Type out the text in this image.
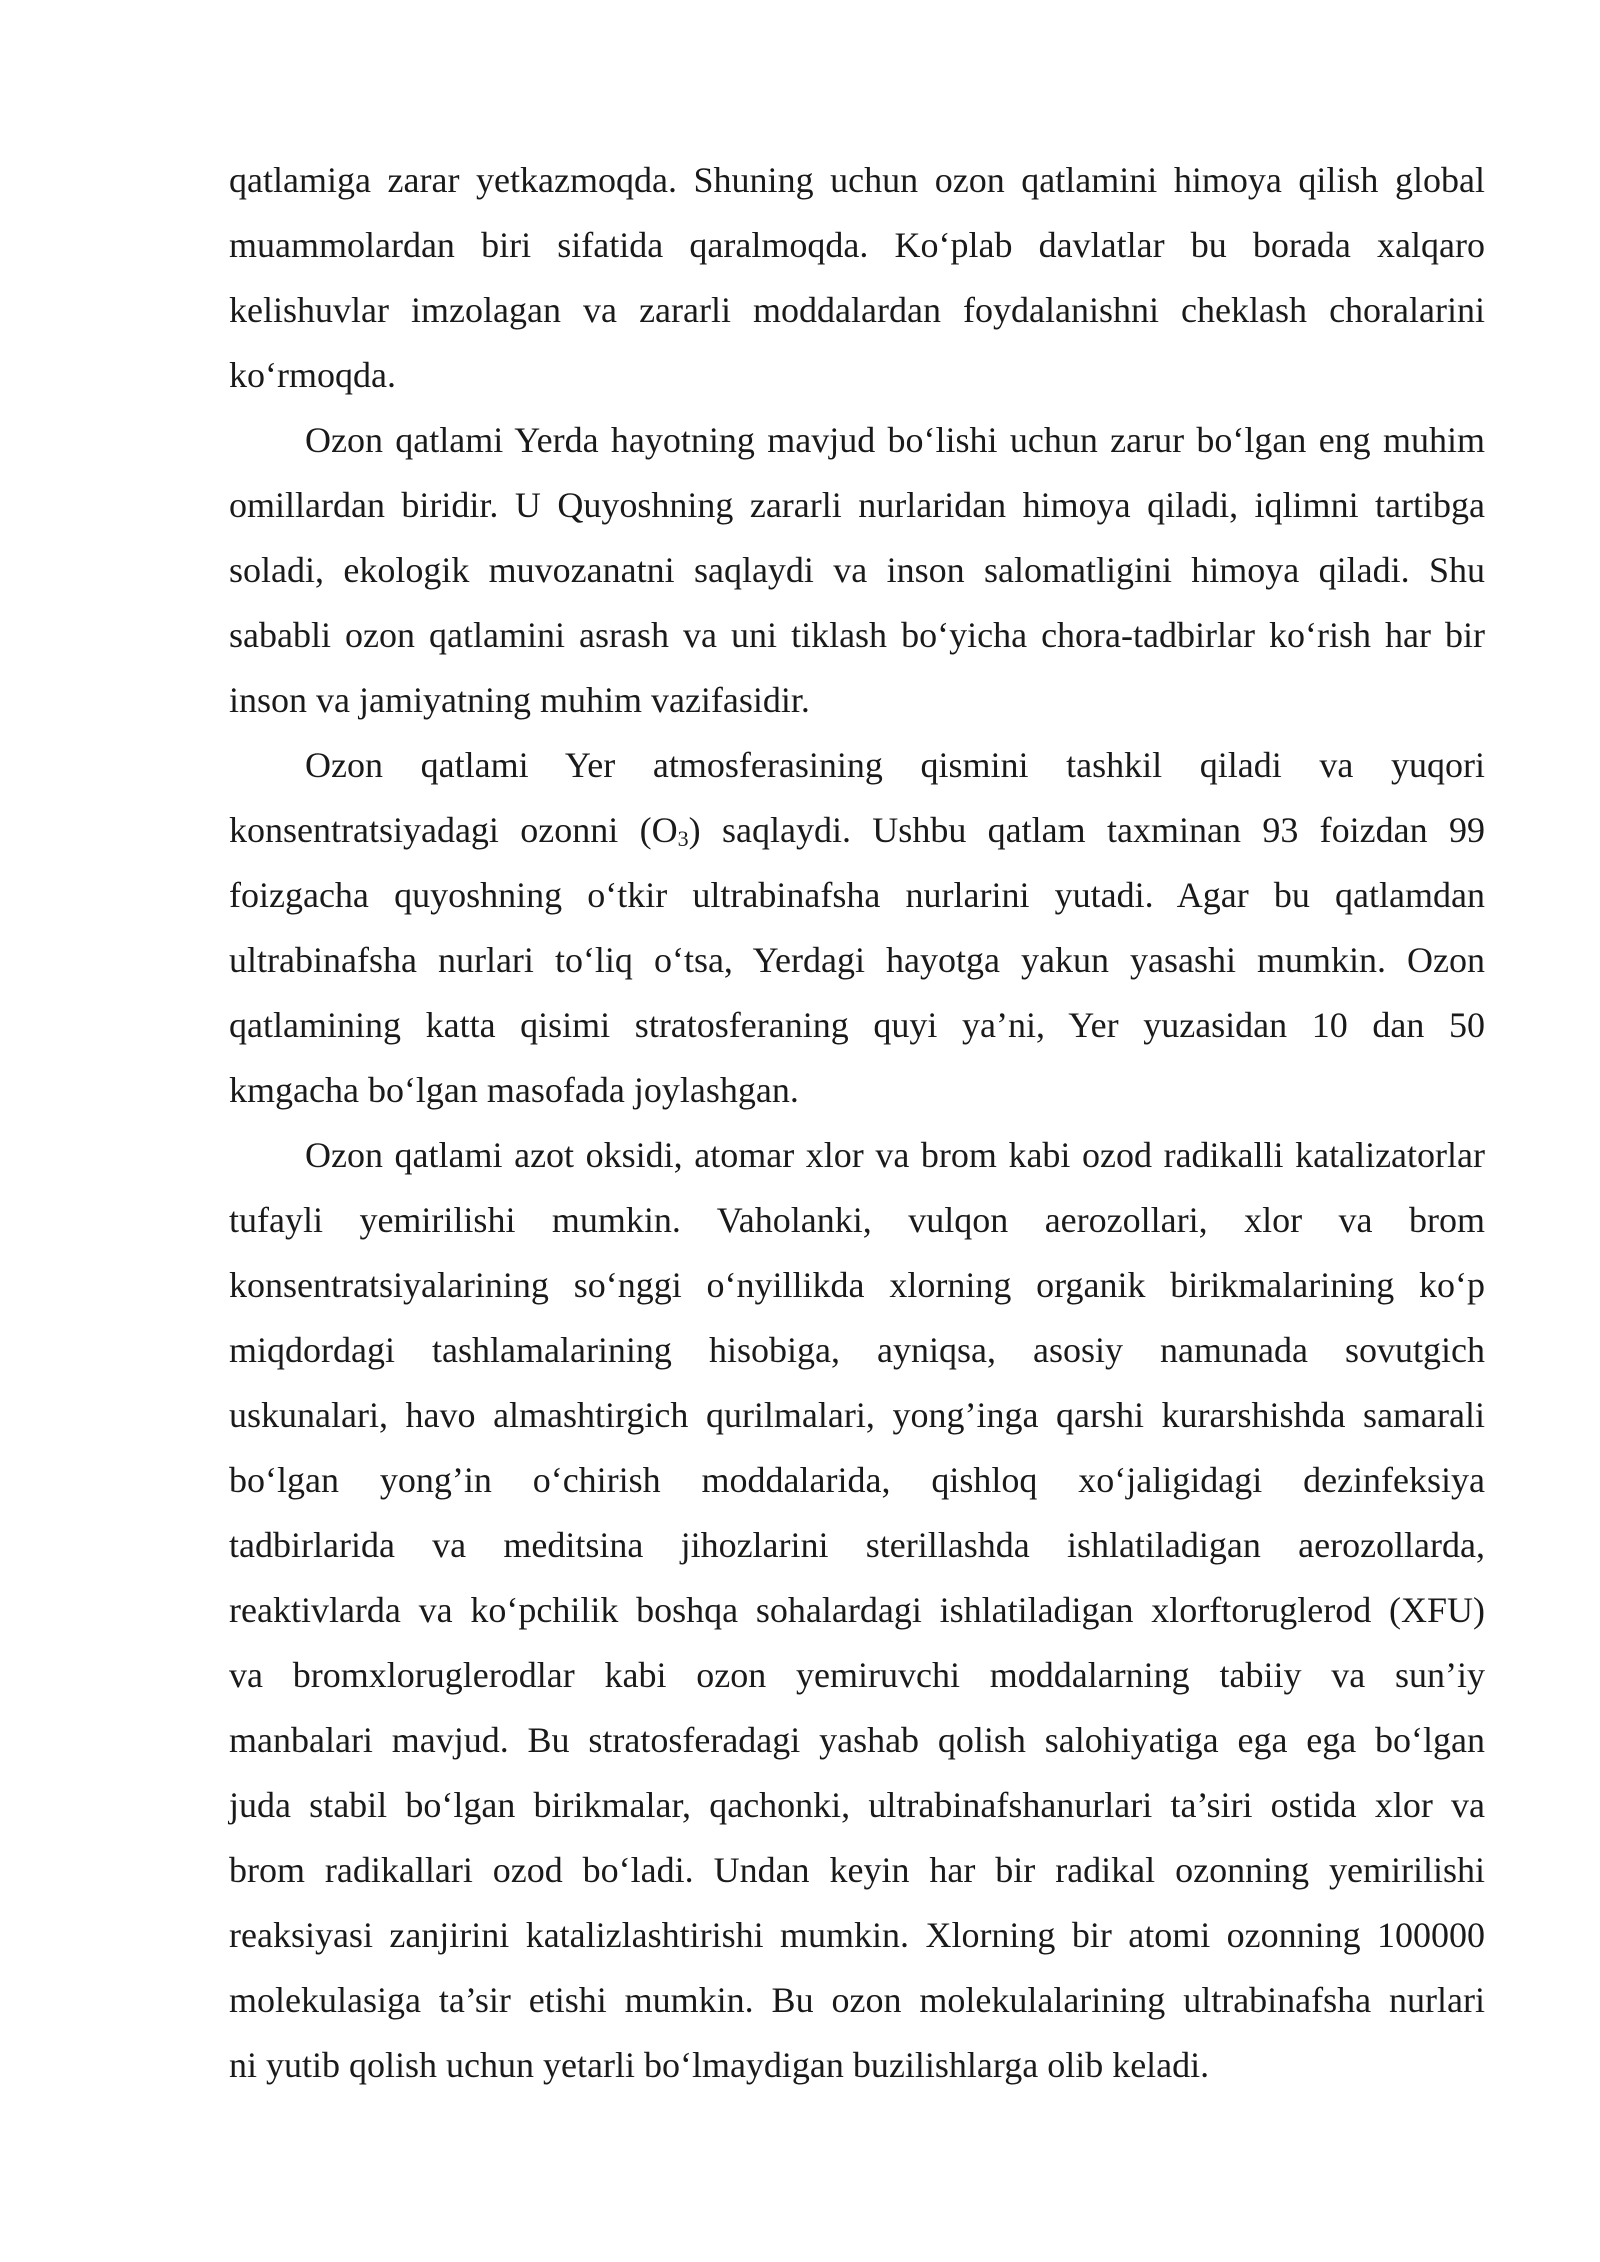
qatlamiga zarar yetkazmoqda. Shuning uchun ozon qatlamini himoya qilish global
muammolardan biri sifatida qaralmoqda. Ko‘plab davlatlar bu borada xalqaro
kelishuvlar imzolagan va zararli moddalardan foydalanishni cheklash choralarini
ko‘rmoqda.
Ozon qatlami Yerda hayotning mavjud bo‘lishi uchun zarur bo‘lgan eng muhim
omillardan biridir. U Quyoshning zararli nurlaridan himoya qiladi, iqlimni tartibga
soladi, ekologik muvozanatni saqlaydi va inson salomatligini himoya qiladi. Shu
sababli ozon qatlamini asrash va uni tiklash bo‘yicha chora-tadbirlar ko‘rish har bir
inson va jamiyatning muhim vazifasidir.
Ozon qatlami Yer atmosferasining qismini tashkil qiladi va yuqori
konsentratsiyadagi ozonni $(O_3)$ saqlaydi. Ushbu qatlam taxminan 93 foizdan 99
foizgacha quyoshning o‘tkir ultrabinafsha nurlarini yutadi. Agar bu qatlamdan
ultrabinafsha nurlari to‘liq o‘tsa, Yerdagi hayotga yakun yasashi mumkin. Ozon
qatlamining katta qisimi stratosferaning quyi ya’ni, Yer yuzasidan 10 dan 50
kmgacha bo‘lgan masofada joylashgan.
Ozon qatlami azot oksidi, atomar xlor va brom kabi ozod radikalli katalizatorlar
tufayli yemirilishi mumkin. Vaholanki, vulqon aerozollari, xlor va brom
konsentratsiyalarining so‘nggi o‘nyillikda xlorning organik birikmalarining ko‘p
miqdordagi tashlamalarining hisobiga, ayniqsa, asosiy namunada sovutgich
uskunalari, havo almashtirgich qurilmalari, yong’inga qarshi kurarshishda samarali
bo‘lgan yong’in o‘chirish moddalarida, qishloq xo‘jaligidagi dezinfeksiya
tadbirlarida va meditsina jihozlarini sterillashda ishlatiladigan aerozollarda,
reaktivlarda va ko‘pchilik boshqa sohalardagi ishlatiladigan xlorftoruglerod (XFU)
va bromxloruglerodlar kabi ozon yemiruvchi moddalarning tabiiy va sun’iy
manbalari mavjud. Bu stratosferadagi yashab qolish salohiyatiga ega ega bo‘lgan
juda stabil bo‘lgan birikmalar, qachonki, ultrabinafshanurlari ta’siri ostida xlor va
brom radikallari ozod bo‘ladi. Undan keyin har bir radikal ozonning yemirilishi
reaksiyasi zanjirini katalizlashtirishi mumkin. Xlorning bir atomi ozonning 100000
molekulasiga ta’sir etishi mumkin. Bu ozon molekulalarining ultrabinafsha nurlari
ni yutib qolish uchun yetarli bo‘lmaydigan buzilishlarga olib keladi.
